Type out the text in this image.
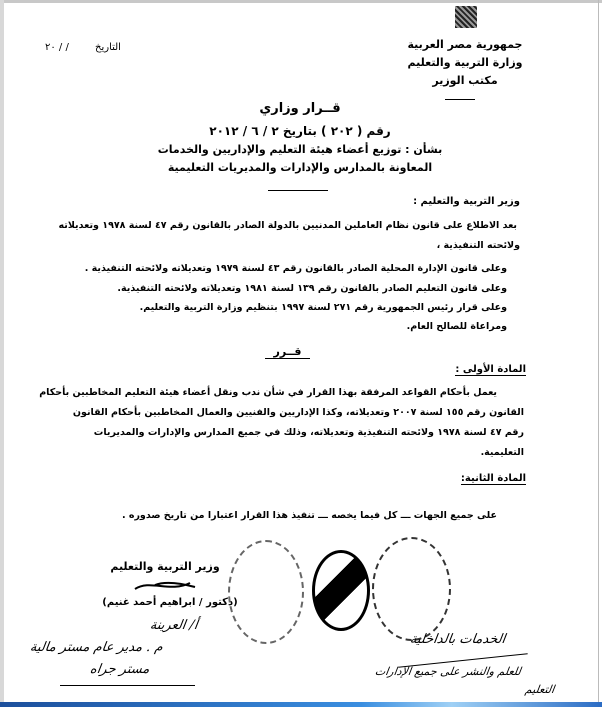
جمهورية مصر العربية
وزارة التربية والتعليم
مكتب الوزير
التاريخ
/ / ٢٠
قــرار وزاري
رقم ( ٢٠٢ ) بتاريخ ٢ / ٦ / ٢٠١٢
بشأن : توزيع أعضاء هيئة التعليم والإداريين والخدمات
المعاونة بالمدارس والإدارات والمديريات التعليمية
وزير التربية والتعليم :
بعد الاطلاع على قانون نظام العاملين المدنيين بالدولة الصادر بالقانون رقم ٤٧ لسنة ١٩٧٨ وتعديلاته
ولائحته التنفيذية ،
وعلى قانون الإدارة المحلية الصادر بالقانون رقم ٤٣ لسنة ١٩٧٩ وتعديلاته ولائحته التنفيذية .
وعلى قانون التعليم الصادر بالقانون رقم ١٣٩ لسنة ١٩٨١ وتعديلاته ولائحته التنفيذية.
وعلى قرار رئيس الجمهورية رقم ٢٧١ لسنة ١٩٩٧ بتنظيم وزارة التربية والتعليم.
ومراعاة للصالح العام.
قــرر
المادة الأولى :
يعمل بأحكام القواعد المرفقة بهذا القرار في شأن ندب ونقل أعضاء هيئة التعليم المخاطبين بأحكام
القانون رقم ١٥٥ لسنة ٢٠٠٧ وتعديلاته، وكذا الإداريين والفنيين والعمال المخاطبين بأحكام القانون
رقم ٤٧ لسنة ١٩٧٨ ولائحته التنفيذية وتعديلاته، وذلك في جميع المدارس والإدارات والمديريات
التعليمية.
المادة الثانية:
على جميع الجهات ـــ كل فيما يخصه ـــ تنفيذ هذا القرار اعتبارا من تاريخ صدوره .
وزير التربية والتعليم
(دكتور / ابراهيم أحمد غنيم)
أ/ العرينة
م . مدير عام مستر مالية
مستر جراه
الخدمات بالداخلية
للعلم والنشر على جميع الإدارات
التعليم
